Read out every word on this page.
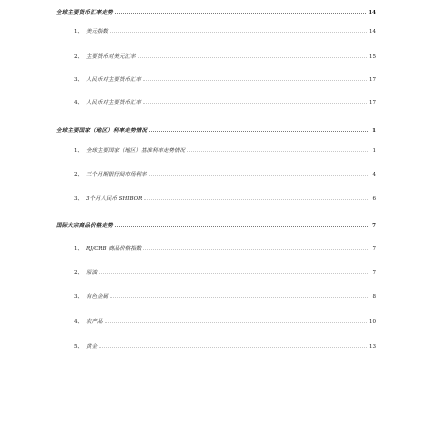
全球主要货币汇率走势	14
1、 美元指数	14
2、 主要货币对美元汇率	15
3、 人民币对主要货币汇率	17
4、 人民币对主要货币汇率	17
全球主要国家（地区）利率走势情况	1
1、 全球主要国家（地区）基准利率走势情况	1
2、 三个月期银行间市场利率	4
3、 3个月人民币 SHIBOR	6
国际大宗商品价格走势	7
1、 RJ/CRB 商品价格指数	7
2、 原油	7
3、 有色金属	8
4、 农产品	10
5、 黄金	13
